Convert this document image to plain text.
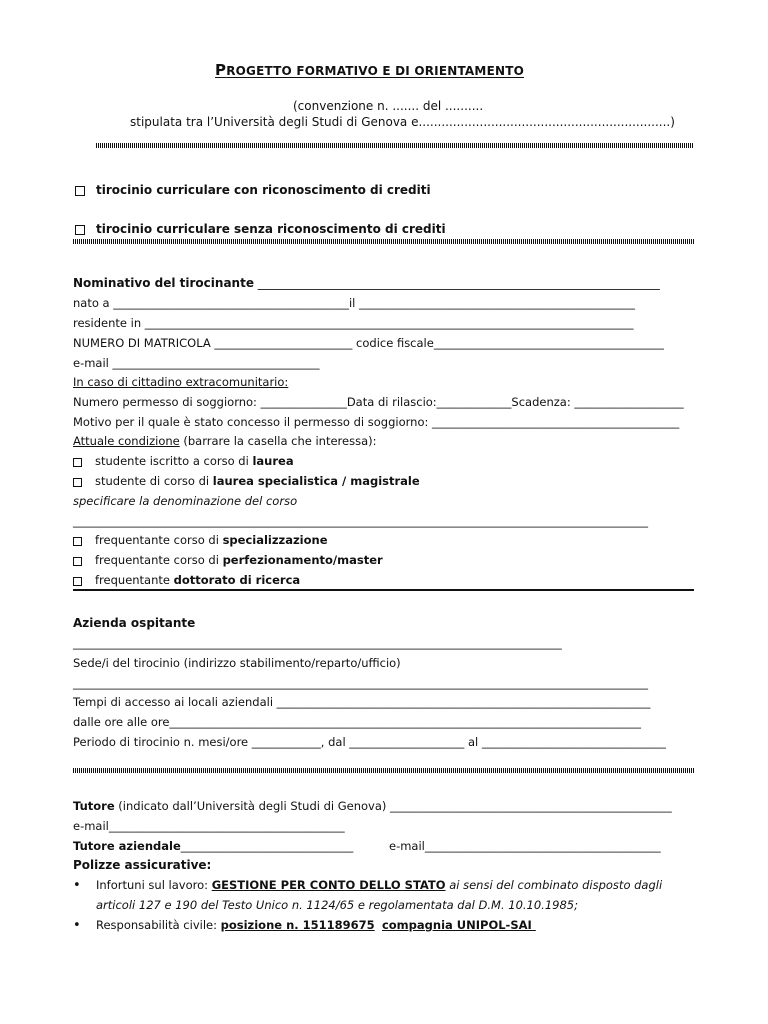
PROGETTO FORMATIVO E DI ORIENTAMENTO
(convenzione n. ....... del ..........
stipulata tra l’Università degli Studi di Genova e..................................................................)
tirocinio curriculare con riconoscimento di crediti
tirocinio curriculare senza riconoscimento di crediti
Nominativo del tirocinante ___________________________________________________________________
nato a _________________________________________il ________________________________________________
residente in _____________________________________________________________________________________
NUMERO DI MATRICOLA ________________________ codice fiscale________________________________________
e-mail ____________________________________
In caso di cittadino extracomunitario:
Numero permesso di soggiorno: _______________Data di rilascio:_____________Scadenza: ___________________
Motivo per il quale è stato concesso il permesso di soggiorno: ___________________________________________
Attuale condizione (barrare la casella che interessa):
studente iscritto a corso di laurea
studente di corso di laurea specialistica / magistrale
specificare la denominazione del corso
____________________________________________________________________________________________________
frequentante corso di specializzazione
frequentante corso di perfezionamento/master
frequentante dottorato di ricerca
Azienda ospitante
_____________________________________________________________________________________
Sede/i del tirocinio (indirizzo stabilimento/reparto/ufficio)
____________________________________________________________________________________________________
Tempi di accesso ai locali aziendali _________________________________________________________________
dalle ore alle ore__________________________________________________________________________________
Periodo di tirocinio n. mesi/ore ____________, dal ____________________ al ________________________________
Tutore (indicato dall’Università degli Studi di Genova) _________________________________________________
e-mail_________________________________________
Tutore aziendale______________________________	e-mail_________________________________________
Polizze assicurative:
• Infortuni sul lavoro: GESTIONE PER CONTO DELLO STATO ai sensi del combinato disposto dagli
articoli 127 e 190 del Testo Unico n. 1124/65 e regolamentata dal D.M. 10.10.1985;
• Responsabilità civile: posizione n. 151189675 compagnia UNIPOL-SAI
